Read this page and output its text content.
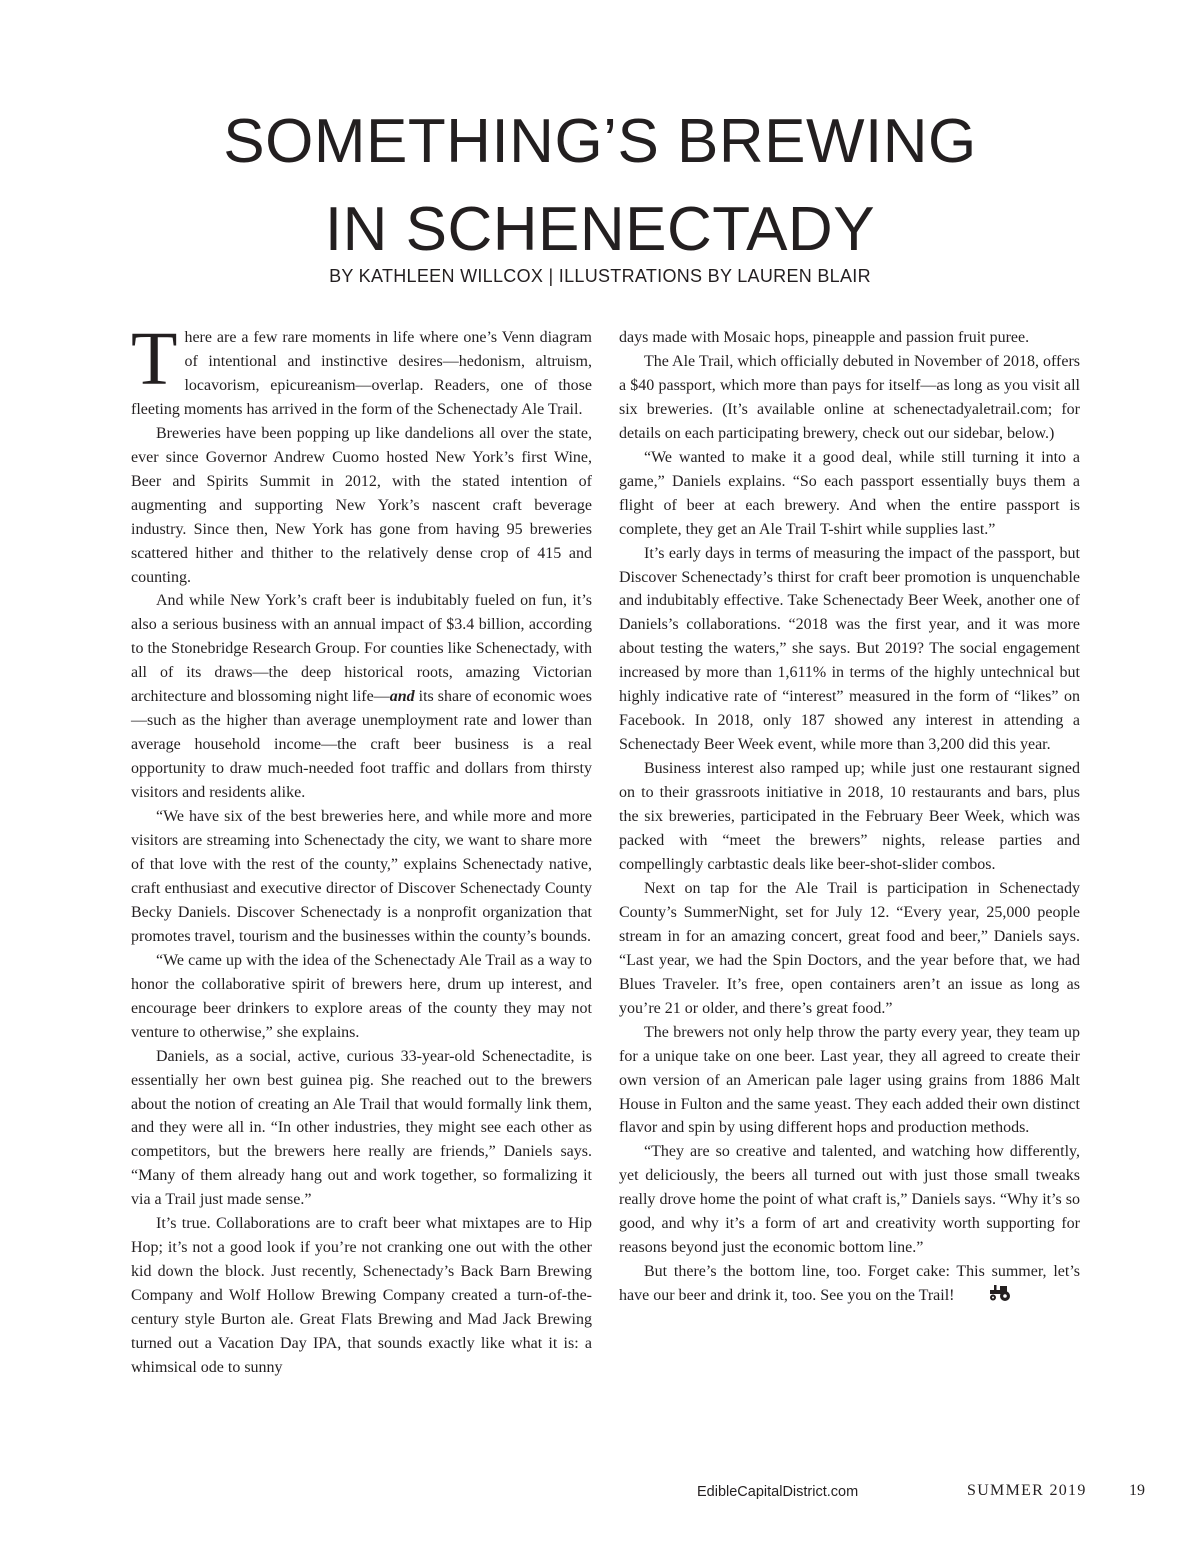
SOMETHING’S BREWING
IN SCHENECTADY
BY KATHLEEN WILLCOX | ILLUSTRATIONS BY LAUREN BLAIR

There are a few rare moments in life where one’s Venn diagram of intentional and instinctive desires—hedonism, altruism, locavorism, epicureanism—overlap. Readers, one of those fleeting moments has arrived in the form of the Schenectady Ale Trail.

Breweries have been popping up like dandelions all over the state, ever since Governor Andrew Cuomo hosted New York’s first Wine, Beer and Spirits Summit in 2012, with the stated intention of augmenting and supporting New York’s nascent craft beverage industry. Since then, New York has gone from having 95 breweries scattered hither and thither to the relatively dense crop of 415 and counting.

And while New York’s craft beer is indubitably fueled on fun, it’s also a serious business with an annual impact of $3.4 billion, according to the Stonebridge Research Group. For counties like Schenectady, with all of its draws—the deep historical roots, amazing Victorian architecture and blossoming night life—and its share of economic woes—such as the higher than average unemployment rate and lower than average household income—the craft beer business is a real opportunity to draw much-needed foot traffic and dollars from thirsty visitors and residents alike.

“We have six of the best breweries here, and while more and more visitors are streaming into Schenectady the city, we want to share more of that love with the rest of the county,” explains Schenectady native, craft enthusiast and executive director of Discover Schenectady County Becky Daniels. Discover Schenectady is a nonprofit organization that promotes travel, tourism and the businesses within the county’s bounds.

“We came up with the idea of the Schenectady Ale Trail as a way to honor the collaborative spirit of brewers here, drum up interest, and encourage beer drinkers to explore areas of the county they may not venture to otherwise,” she explains.

Daniels, as a social, active, curious 33-year-old Schenectadite, is essentially her own best guinea pig. She reached out to the brewers about the notion of creating an Ale Trail that would formally link them, and they were all in. “In other industries, they might see each other as competitors, but the brewers here really are friends,” Daniels says. “Many of them already hang out and work together, so formalizing it via a Trail just made sense.”

It’s true. Collaborations are to craft beer what mixtapes are to Hip Hop; it’s not a good look if you’re not cranking one out with the other kid down the block. Just recently, Schenectady’s Back Barn Brewing Company and Wolf Hollow Brewing Company created a turn-of-the-century style Burton ale. Great Flats Brewing and Mad Jack Brewing turned out a Vacation Day IPA, that sounds exactly like what it is: a whimsical ode to sunny

days made with Mosaic hops, pineapple and passion fruit puree.

The Ale Trail, which officially debuted in November of 2018, offers a $40 passport, which more than pays for itself—as long as you visit all six breweries. (It’s available online at schenectadyaletrail.com; for details on each participating brewery, check out our sidebar, below.)

“We wanted to make it a good deal, while still turning it into a game,” Daniels explains. “So each passport essentially buys them a flight of beer at each brewery. And when the entire passport is complete, they get an Ale Trail T-shirt while supplies last.”

It’s early days in terms of measuring the impact of the passport, but Discover Schenectady’s thirst for craft beer promotion is unquenchable and indubitably effective. Take Schenectady Beer Week, another one of Daniels’s collaborations. “2018 was the first year, and it was more about testing the waters,” she says. But 2019? The social engagement increased by more than 1,611% in terms of the highly untechnical but highly indicative rate of “interest” measured in the form of “likes” on Facebook. In 2018, only 187 showed any interest in attending a Schenectady Beer Week event, while more than 3,200 did this year.

Business interest also ramped up; while just one restaurant signed on to their grassroots initiative in 2018, 10 restaurants and bars, plus the six breweries, participated in the February Beer Week, which was packed with “meet the brewers” nights, release parties and compellingly carbtastic deals like beer-shot-slider combos.

Next on tap for the Ale Trail is participation in Schenectady County’s SummerNight, set for July 12. “Every year, 25,000 people stream in for an amazing concert, great food and beer,” Daniels says. “Last year, we had the Spin Doctors, and the year before that, we had Blues Traveler. It’s free, open containers aren’t an issue as long as you’re 21 or older, and there’s great food.”

The brewers not only help throw the party every year, they team up for a unique take on one beer. Last year, they all agreed to create their own version of an American pale lager using grains from 1886 Malt House in Fulton and the same yeast. They each added their own distinct flavor and spin by using different hops and production methods.

“They are so creative and talented, and watching how differently, yet deliciously, the beers all turned out with just those small tweaks really drove home the point of what craft is,” Daniels says. “Why it’s so good, and why it’s a form of art and creativity worth supporting for reasons beyond just the economic bottom line.”

But there’s the bottom line, too. Forget cake: This summer, let’s have our beer and drink it, too. See you on the Trail!

EdibleCapitalDistrict.com	SUMMER 2019	19
